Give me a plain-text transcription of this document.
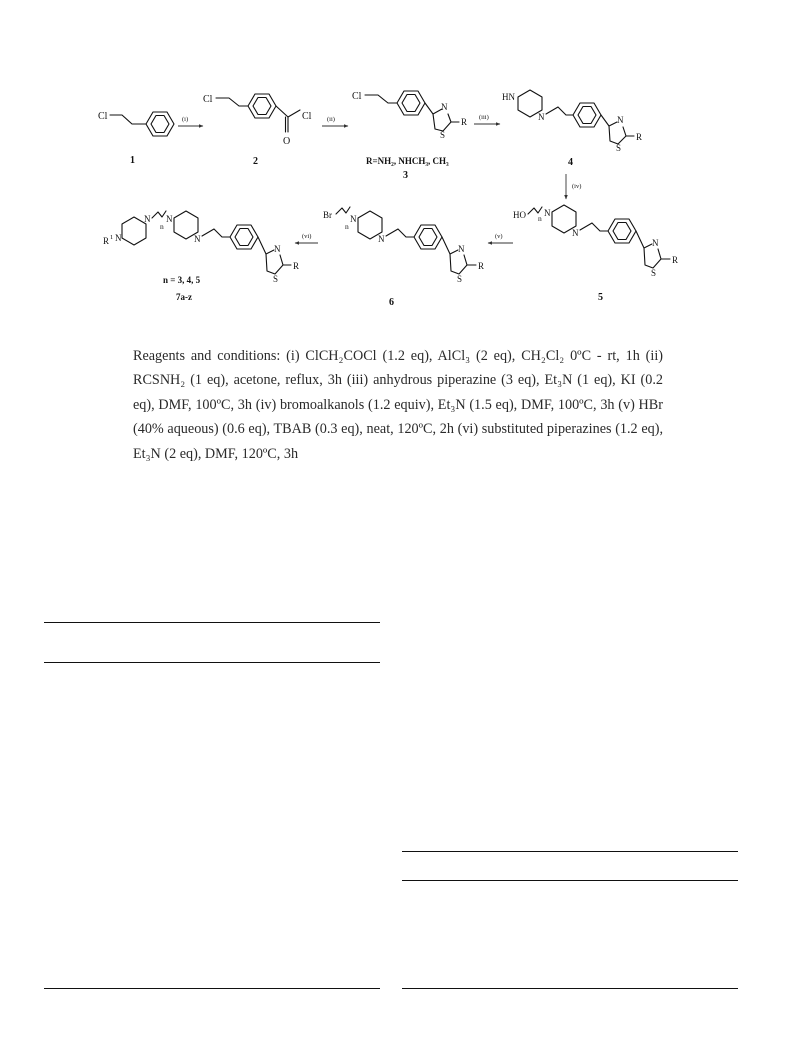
Cl
1
(i)
Cl
O
Cl
2
(ii)
Cl
N
S
R
R=NH₂, NHCH₃, CH₃
3
(iii)
HN
N	N
S
R
4
(iv)
HO n
N
N
N
S
R
5
(v)
Br
n
N
N
N
S
R
6
(vi)
R 1 N
N
n
N
N
N
S
R
n = 3, 4, 5
7a-z

Reagents and conditions: (i) ClCH₂COCl (1.2 eq), AlCl₃ (2 eq), CH₂Cl₂ 0ºC - rt, 1h (ii) RCSNH₂ (1 eq), acetone, reflux, 3h (iii) anhydrous piperazine (3 eq), Et₃N (1 eq), KI (0.2 eq), DMF, 100ºC, 3h (iv) bromoalkanols (1.2 equiv), Et₃N (1.5 eq), DMF, 100ºC, 3h (v) HBr (40% aqueous) (0.6 eq), TBAB (0.3 eq), neat, 120ºC, 2h (vi) substituted piperazines (1.2 eq), Et₃N (2 eq), DMF, 120ºC, 3h
